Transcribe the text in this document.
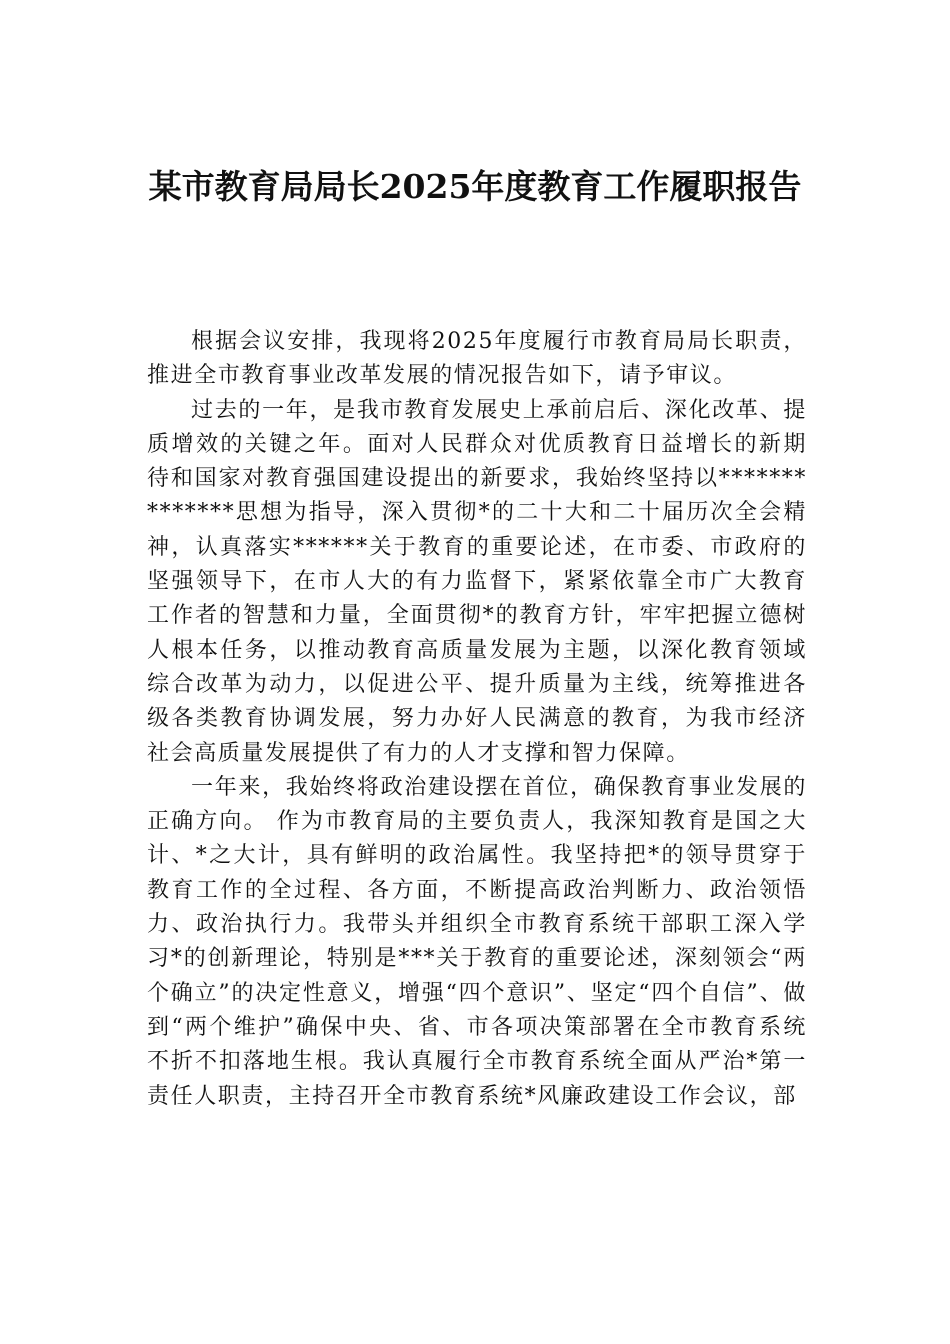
某市教育局局长2025年度教育工作履职报告

根据会议安排，我现将2025年度履行市教育局局长职责，推进全市教育事业改革发展的情况报告如下，请予审议。

过去的一年，是我市教育发展史上承前启后、深化改革、提质增效的关键之年。面对人民群众对优质教育日益增长的新期待和国家对教育强国建设提出的新要求，我始终坚持以**************思想为指导，深入贯彻*的二十大和二十届历次全会精神，认真落实******关于教育的重要论述，在市委、市政府的坚强领导下，在市人大的有力监督下，紧紧依靠全市广大教育工作者的智慧和力量，全面贯彻*的教育方针，牢牢把握立德树人根本任务，以推动教育高质量发展为主题，以深化教育领域综合改革为动力，以促进公平、提升质量为主线，统筹推进各级各类教育协调发展，努力办好人民满意的教育，为我市经济社会高质量发展提供了有力的人才支撑和智力保障。

一年来，我始终将政治建设摆在首位，确保教育事业发展的正确方向。 作为市教育局的主要负责人，我深知教育是国之大计、*之大计，具有鲜明的政治属性。我坚持把*的领导贯穿于教育工作的全过程、各方面，不断提高政治判断力、政治领悟力、政治执行力。我带头并组织全市教育系统干部职工深入学习*的创新理论，特别是***关于教育的重要论述，深刻领会“两个确立”的决定性意义，增强“四个意识”、坚定“四个自信”、做到“两个维护”确保中央、省、市各项决策部署在全市教育系统不折不扣落地生根。我认真履行全市教育系统全面从严治*第一责任人职责，主持召开全市教育系统*风廉政建设工作会议，部
